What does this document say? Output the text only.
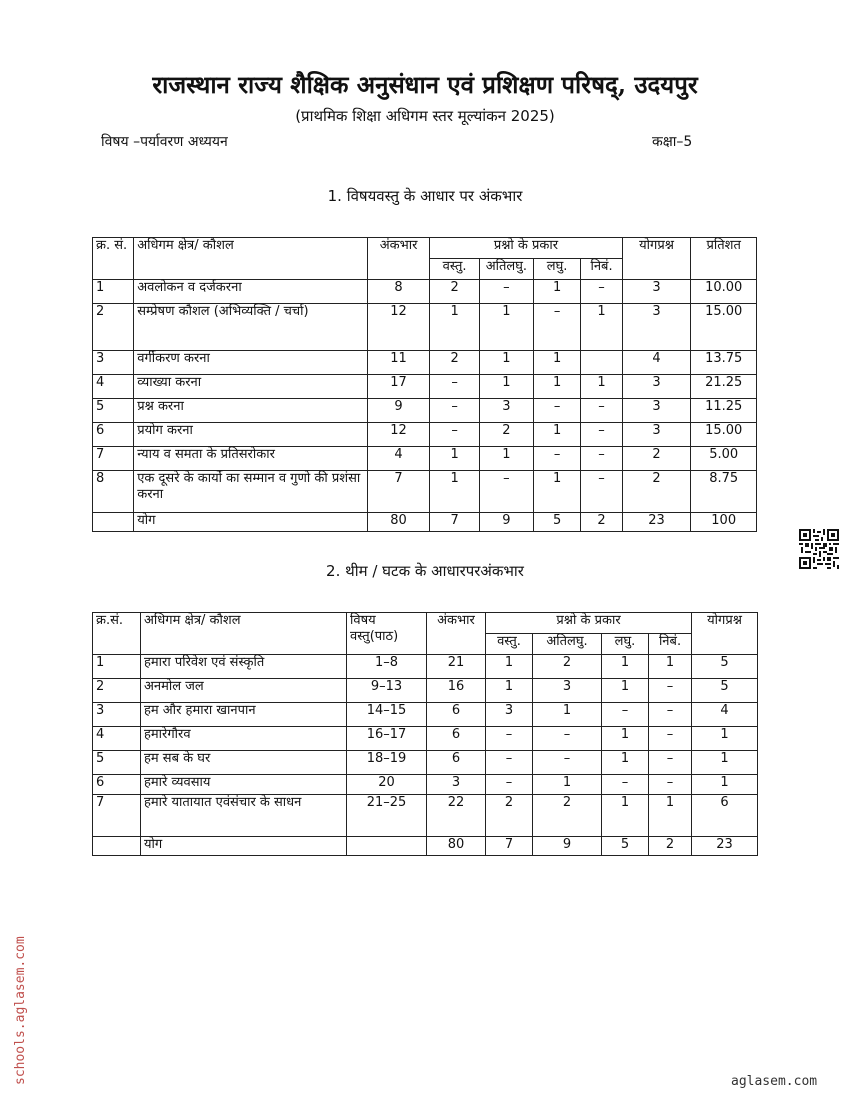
राजस्थान राज्य शैक्षिक अनुसंधान एवं प्रशिक्षण परिषद्, उदयपुर
(प्राथमिक शिक्षा अधिगम स्तर मूल्यांकन 2025)
विषय –पर्यावरण अध्ययन	कक्षा–5
1. विषयवस्तु के आधार पर अंकभार
क्र. सं.	अधिगम क्षेत्र/ कौशल	अंकभार	प्रश्नो के प्रकार				योगप्रश्न	प्रतिशत
			वस्तु.	अतिलघु.	लघु.	निबं.		
1	अवलोकन व दर्जकरना	8	2	–	1	–	3	10.00
2	सम्प्रेषण कौशल (अभिव्यक्ति / चर्चा)	12	1	1	–	1	3	15.00
3	वर्गीकरण करना	11	2	1	1		4	13.75
4	व्याख्या करना	17	–	1	1	1	3	21.25
5	प्रश्न करना	9	–	3	–	–	3	11.25
6	प्रयोग करना	12	–	2	1	–	3	15.00
7	न्याय व समता के प्रतिसरोकार	4	1	1	–	–	2	5.00
8	एक दूसरे के कार्यो का सम्मान व गुणो की प्रशंसा करना	7	1	–	1	–	2	8.75
	योग	80	7	9	5	2	23	100
2. थीम / घटक के आधारपरअंकभार
क्र.सं.	अधिगम क्षेत्र/ कौशल	विषय वस्तु(पाठ)	अंकभार	प्रश्नो के प्रकार				योगप्रश्न
				वस्तु.	अतिलघु.	लघु.	निबं.	
1	हमारा परिवेश एवं संस्कृति	1–8	21	1	2	1	1	5
2	अनमोल जल	9–13	16	1	3	1	–	5
3	हम और हमारा खानपान	14–15	6	3	1	–	–	4
4	हमारेगौरव	16–17	6	–	–	1	–	1
5	हम सब के घर	18–19	6	–	–	1	–	1
6	हमारे व्यवसाय	20	3	–	1	–	–	1
7	हमारे यातायात एवंसंचार के साधन	21–25	22	2	2	1	1	6
	योग		80	7	9	5	2	23
schools.aglasem.com	aglasem.com
